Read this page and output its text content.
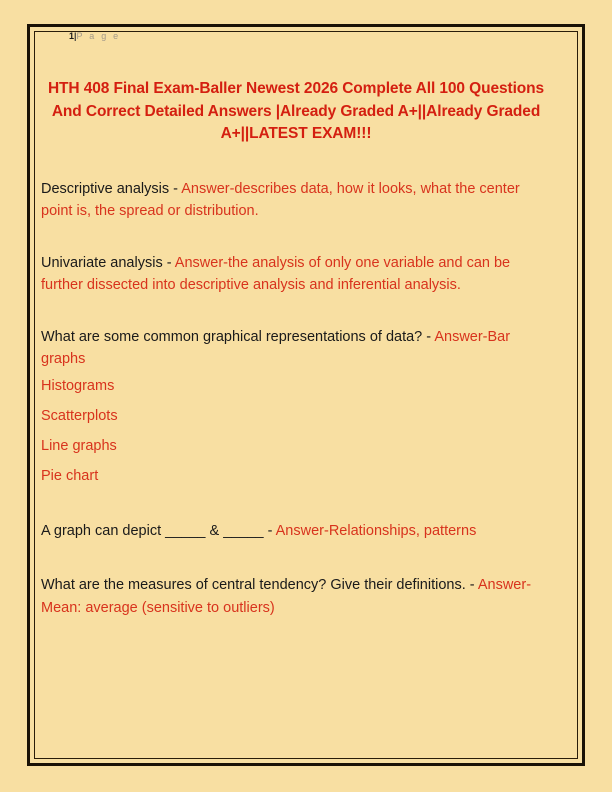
1|P a g e
HTH 408 Final Exam-Baller Newest 2026 Complete All 100 Questions And Correct Detailed Answers |Already Graded A+||Already Graded A+||LATEST EXAM!!!
Descriptive analysis - Answer-describes data, how it looks, what the center point is, the spread or distribution.
Univariate analysis - Answer-the analysis of only one variable and can be further dissected into descriptive analysis and inferential analysis.
What are some common graphical representations of data? - Answer-Bar graphs
Histograms
Scatterplots
Line graphs
Pie chart
A graph can depict _____ & _____ - Answer-Relationships, patterns
What are the measures of central tendency? Give their definitions. - Answer-Mean: average (sensitive to outliers)
